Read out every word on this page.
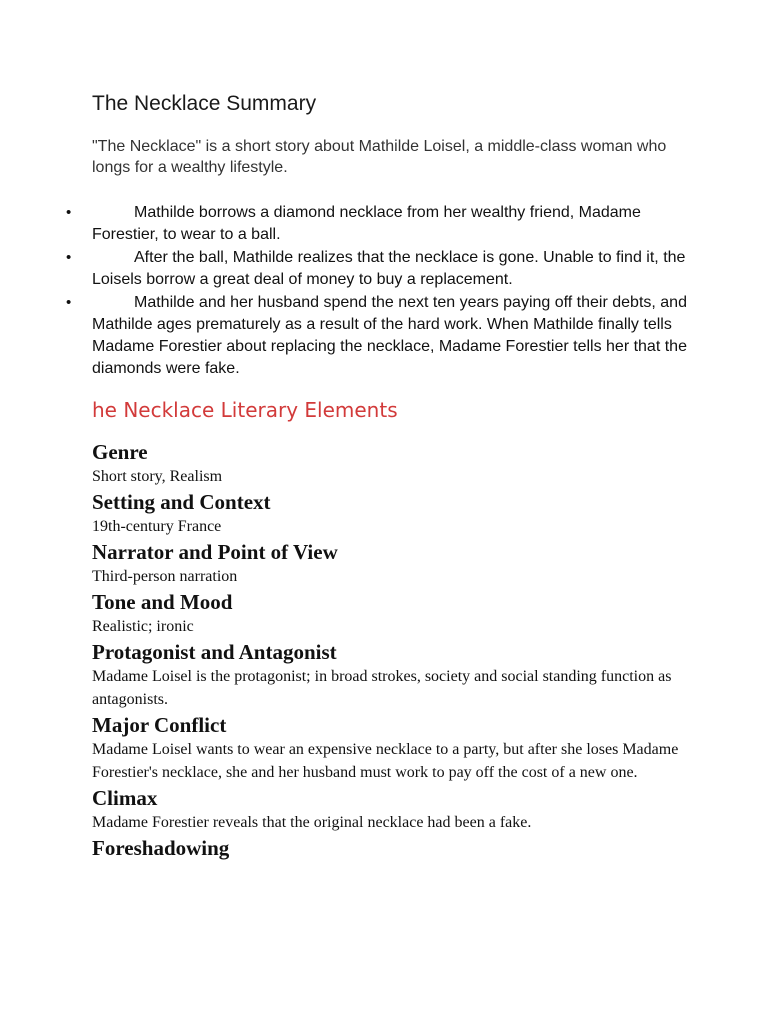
The Necklace Summary

"The Necklace" is a short story about Mathilde Loisel, a middle-class woman who longs for a wealthy lifestyle.

•	Mathilde borrows a diamond necklace from her wealthy friend, Madame Forestier, to wear to a ball.
•	After the ball, Mathilde realizes that the necklace is gone. Unable to find it, the Loisels borrow a great deal of money to buy a replacement.
•	Mathilde and her husband spend the next ten years paying off their debts, and Mathilde ages prematurely as a result of the hard work. When Mathilde finally tells Madame Forestier about replacing the necklace, Madame Forestier tells her that the diamonds were fake.
he Necklace Literary Elements
Genre

Short story, Realism

Setting and Context

19th-century France

Narrator and Point of View

Third-person narration

Tone and Mood

Realistic; ironic

Protagonist and Antagonist

Madame Loisel is the protagonist; in broad strokes, society and social standing function as antagonists.

Major Conflict

Madame Loisel wants to wear an expensive necklace to a party, but after she loses Madame Forestier's necklace, she and her husband must work to pay off the cost of a new one.

Climax

Madame Forestier reveals that the original necklace had been a fake.

Foreshadowing
